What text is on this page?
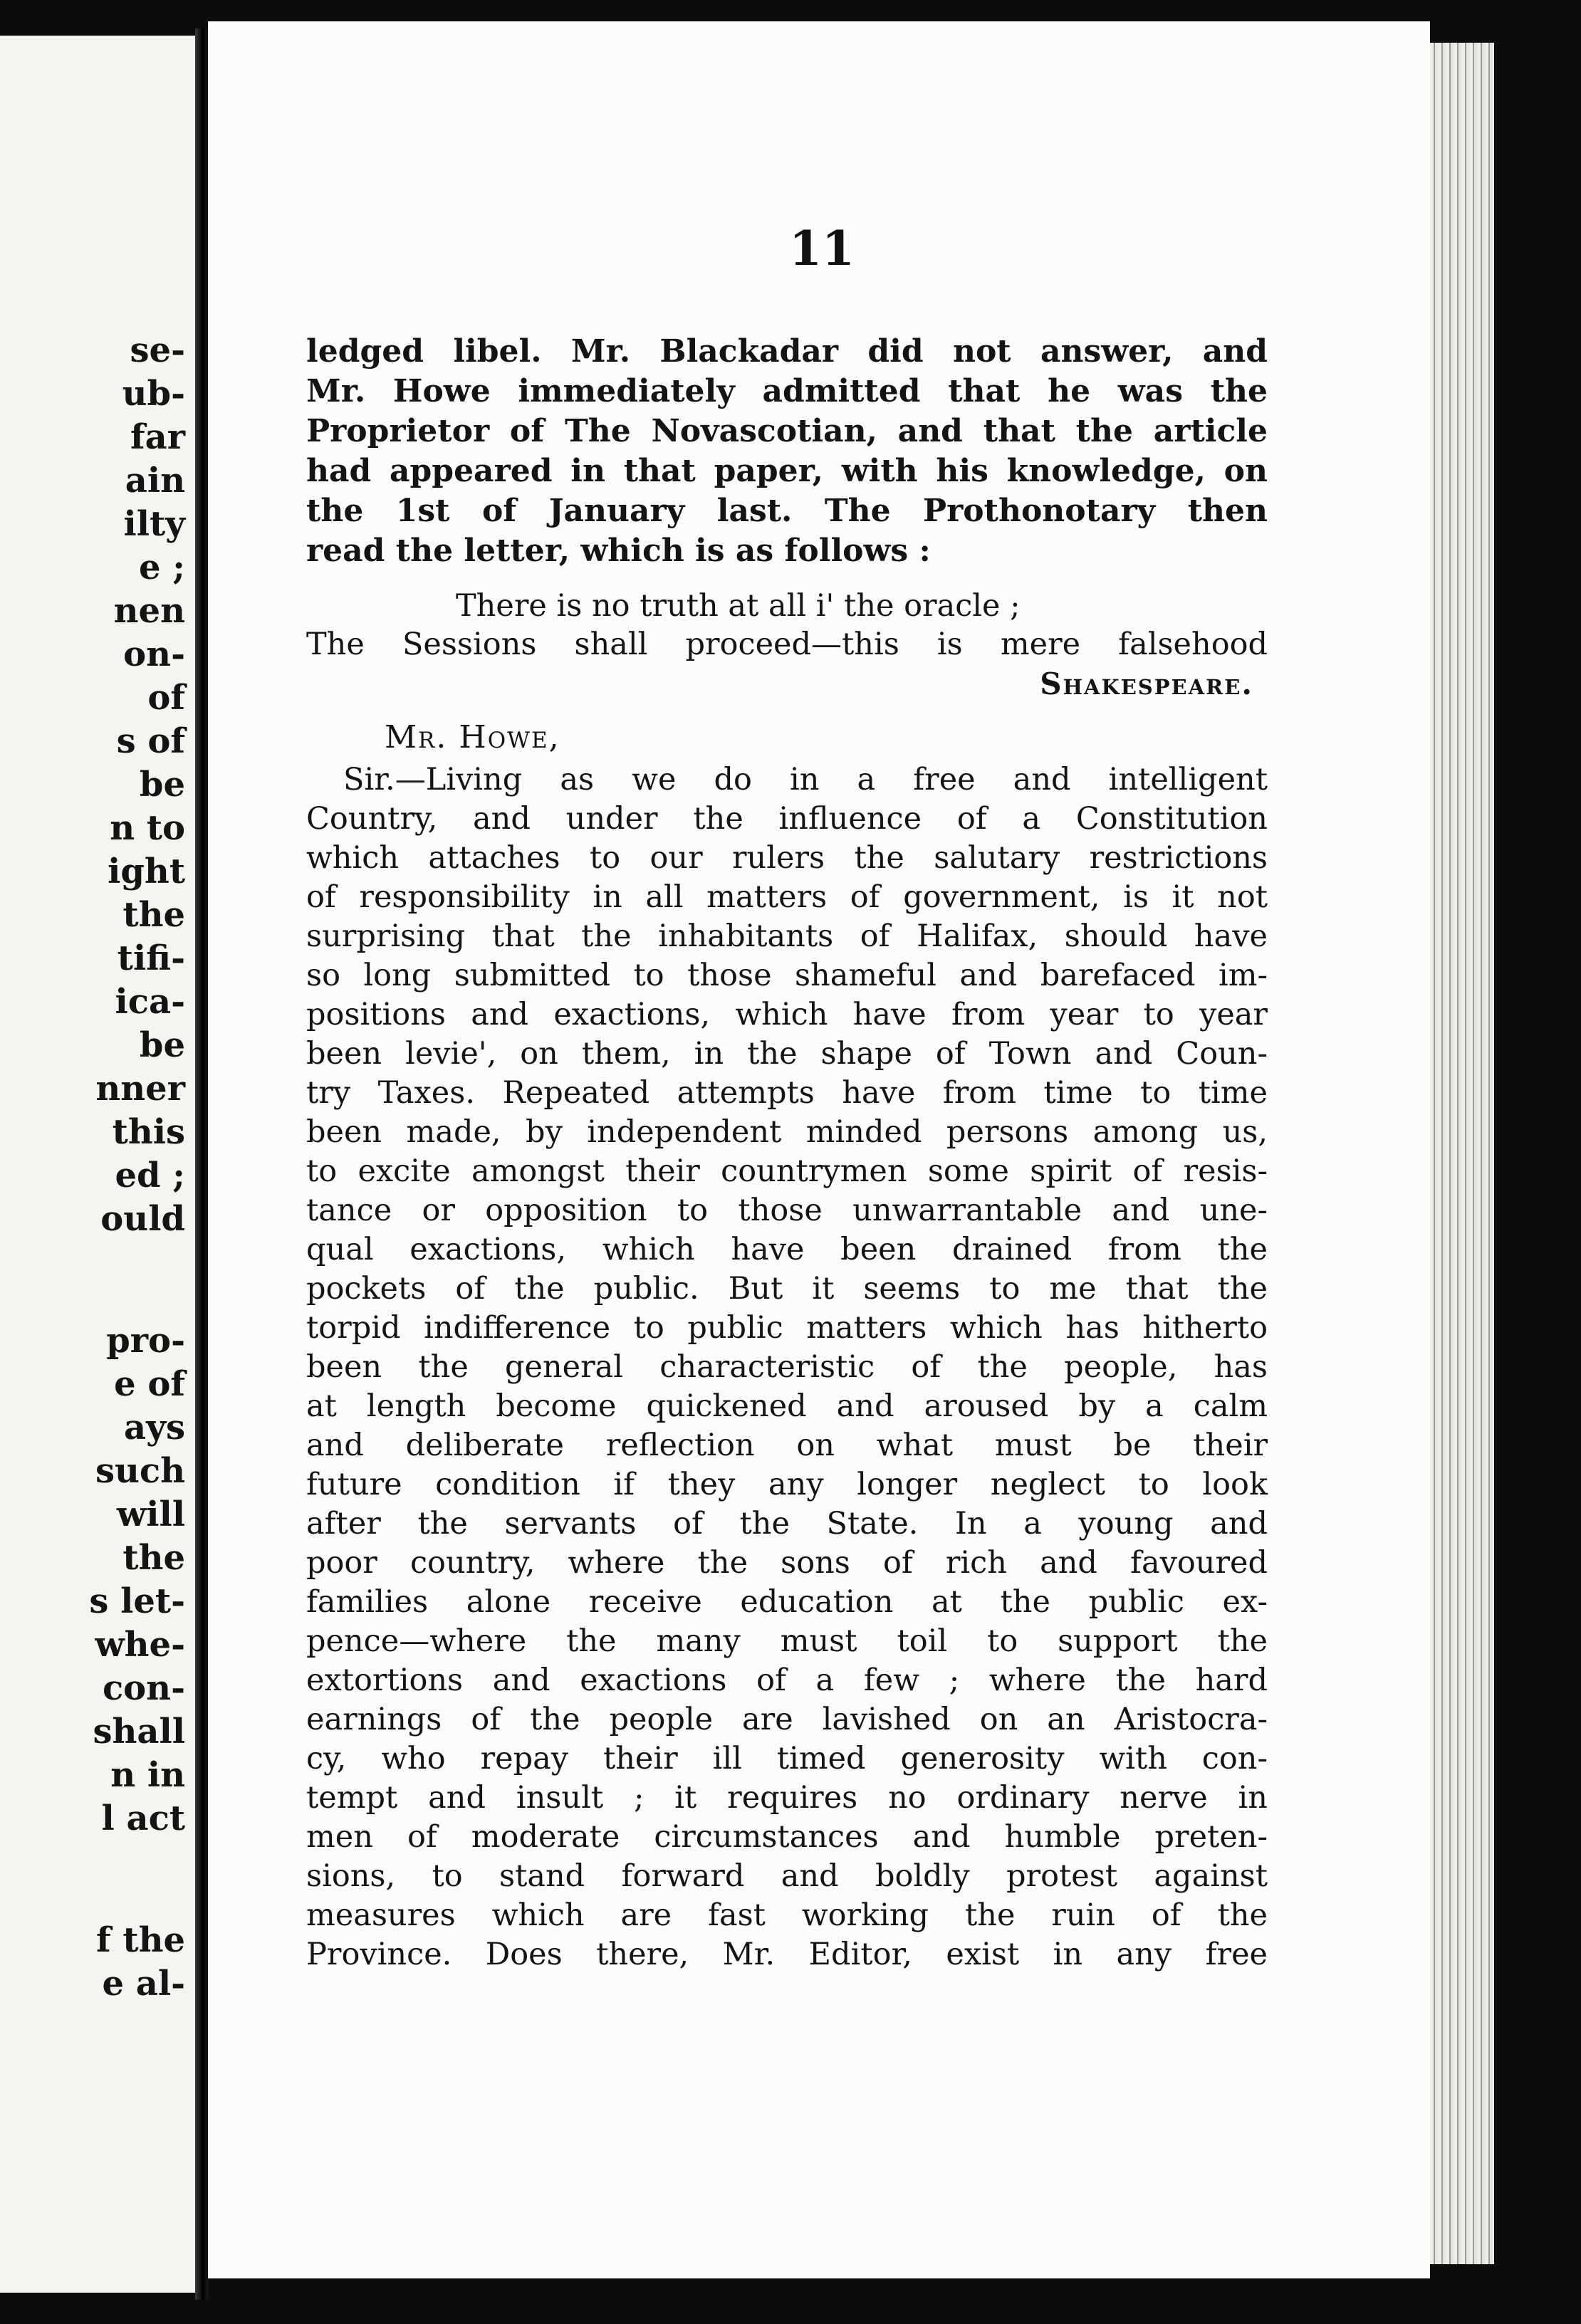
se-
ub-
far
ain
ilty
e ;
nen
on-
of
s of
be
n to
ight
the
tifi-
ica-
be
nner
this
ed ;
ould
pro-
e of
ays
such
will
the
s let-
whe-
con-
shall
n in
l act
f the
e al-
11
ledged libel. Mr. Blackadar did not answer, and
Mr. Howe immediately admitted that he was the
Proprietor of The Novascotian, and that the article
had appeared in that paper, with his knowledge, on
the 1st of January last. The Prothonotary then
read the letter, which is as follows :
There is no truth at all i' the oracle ;
The Sessions shall proceed—this is mere falsehood
Shakespeare.
Mr. Howe,
Sir.—Living as we do in a free and intelligent
Country, and under the influence of a Constitution
which attaches to our rulers the salutary restrictions
of responsibility in all matters of government, is it not
surprising that the inhabitants of Halifax, should have
so long submitted to those shameful and barefaced im-
positions and exactions, which have from year to year
been levie', on them, in the shape of Town and Coun-
try Taxes. Repeated attempts have from time to time
been made, by independent minded persons among us,
to excite amongst their countrymen some spirit of resis-
tance or opposition to those unwarrantable and une-
qual exactions, which have been drained from the
pockets of the public. But it seems to me that the
torpid indifference to public matters which has hitherto
been the general characteristic of the people, has
at length become quickened and aroused by a calm
and deliberate reflection on what must be their
future condition if they any longer neglect to look
after the servants of the State. In a young and
poor country, where the sons of rich and favoured
families alone receive education at the public ex-
pence—where the many must toil to support the
extortions and exactions of a few ; where the hard
earnings of the people are lavished on an Aristocra-
cy, who repay their ill timed generosity with con-
tempt and insult ; it requires no ordinary nerve in
men of moderate circumstances and humble preten-
sions, to stand forward and boldly protest against
measures which are fast working the ruin of the
Province. Does there, Mr. Editor, exist in any free
